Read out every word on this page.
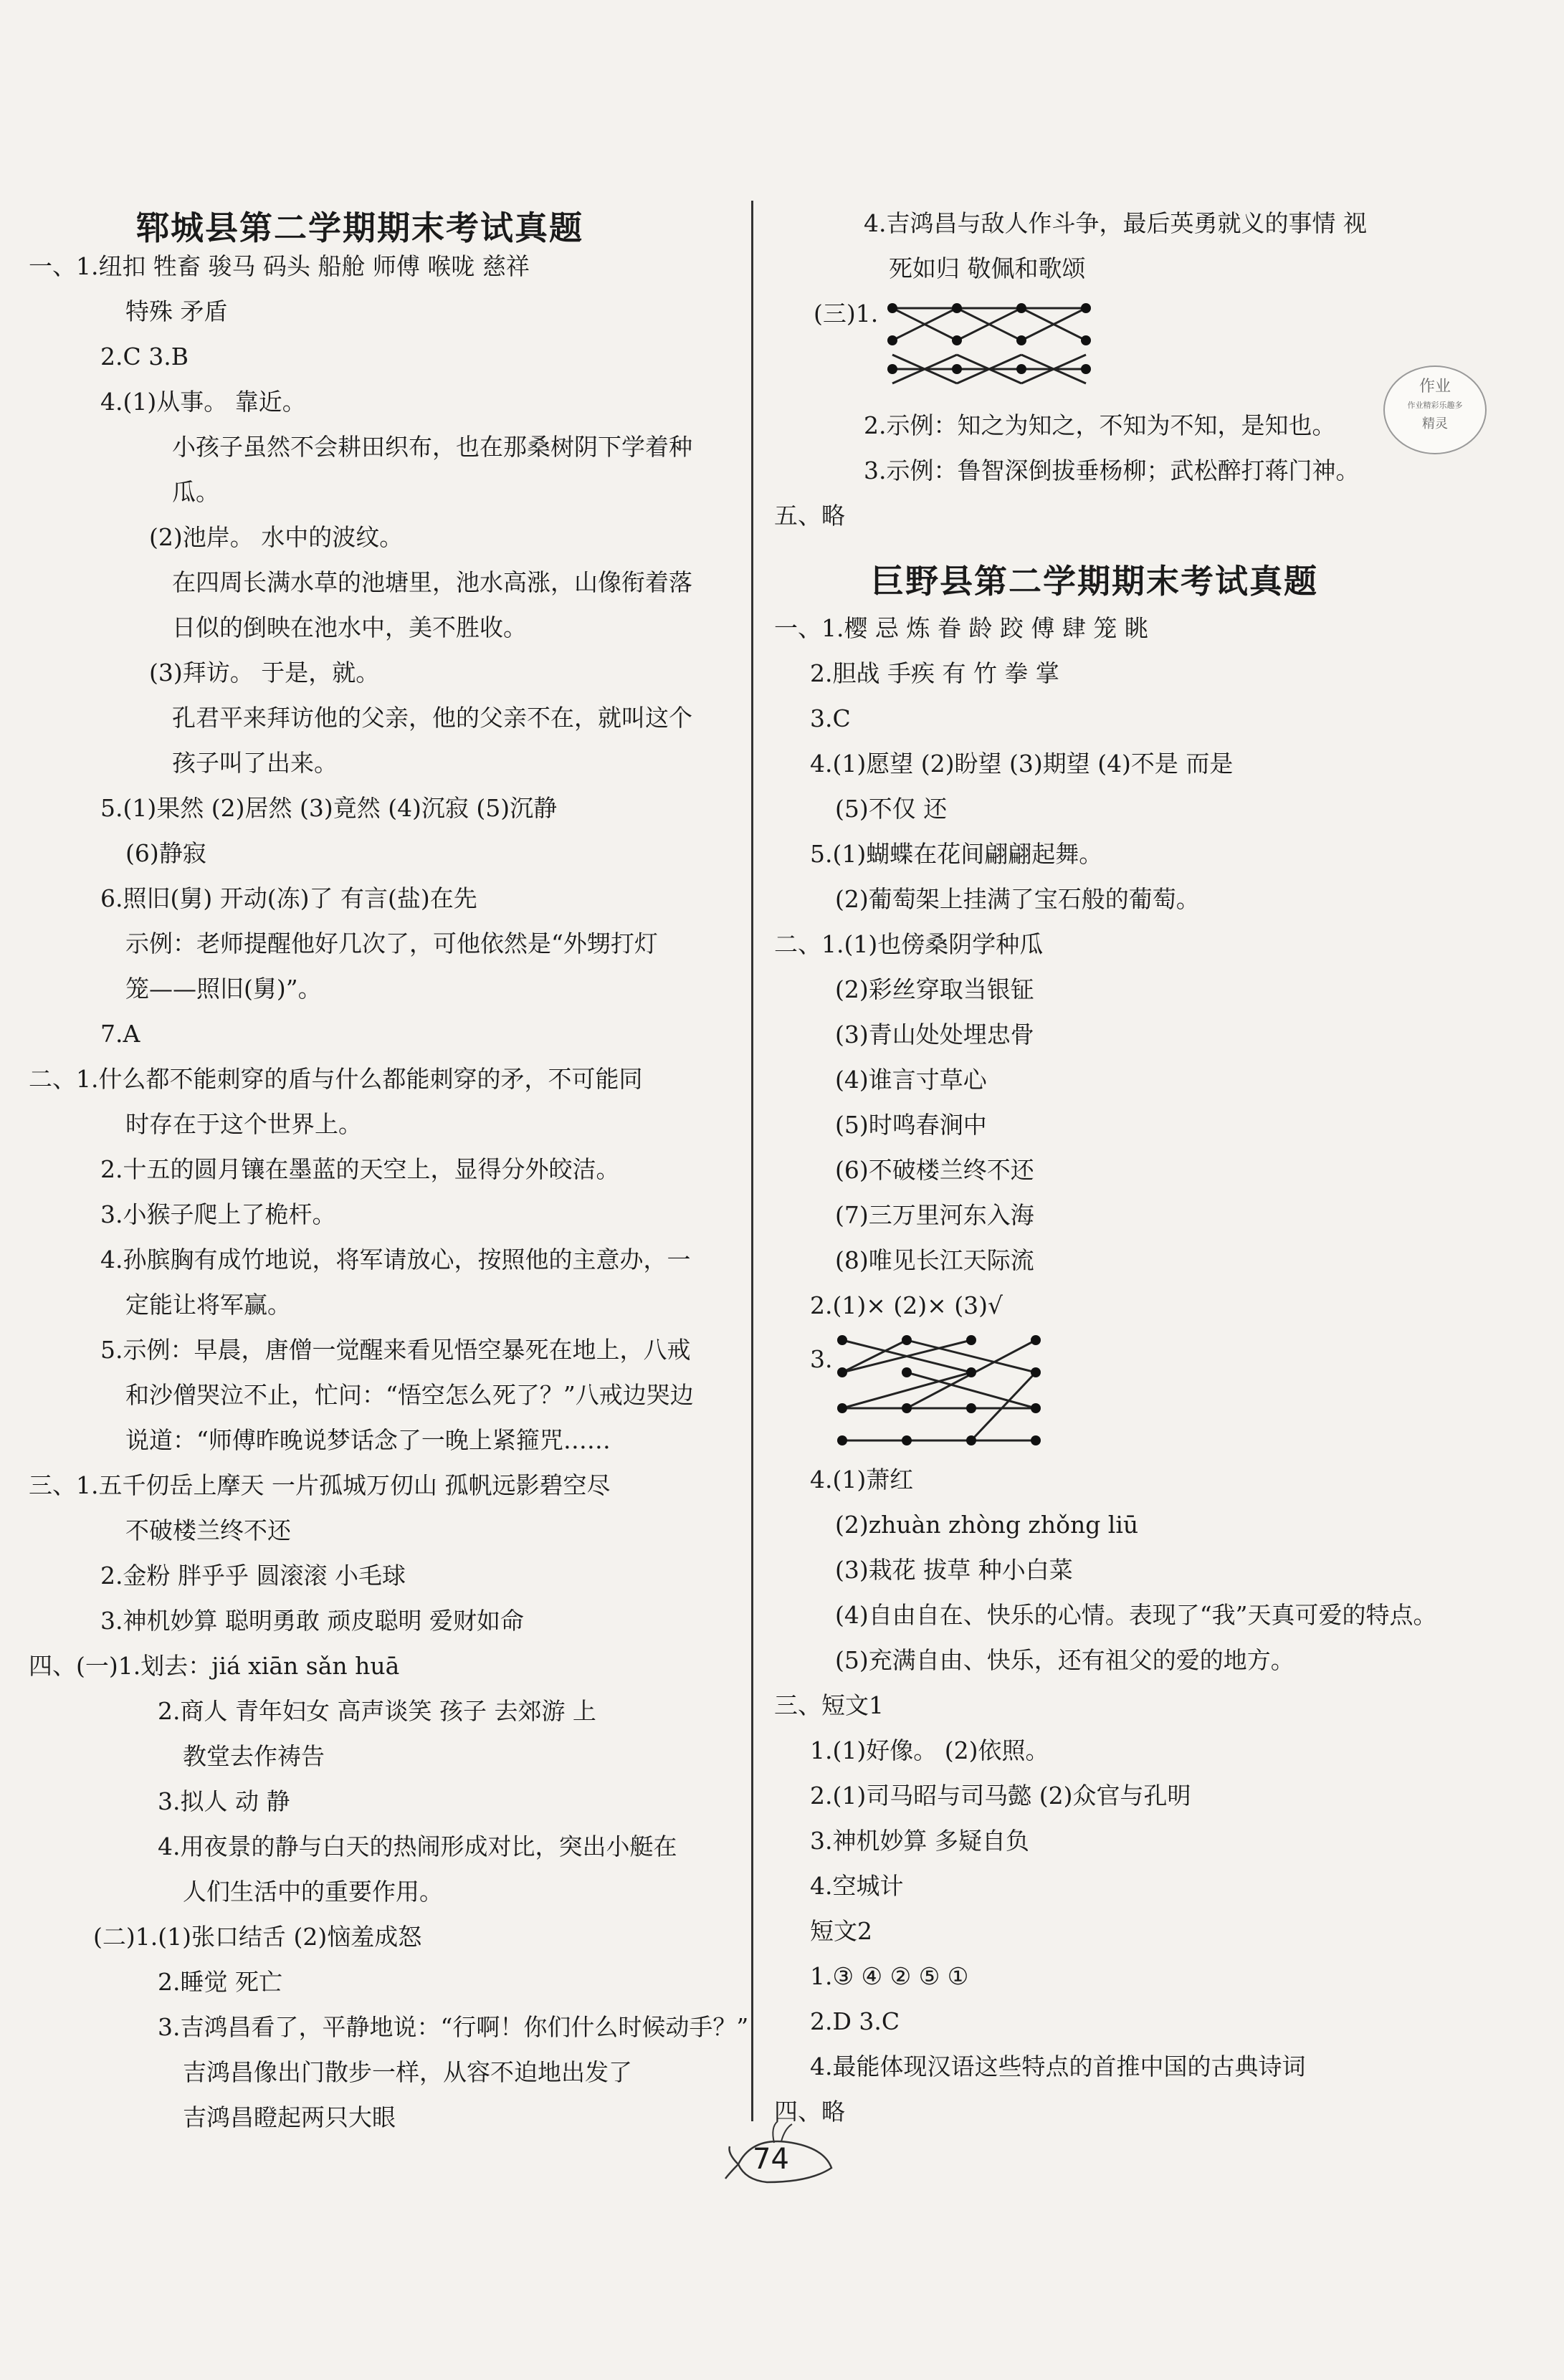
郓城县第二学期期末考试真题
一、1.纽扣 牲畜 骏马 码头 船舱 师傅 喉咙 慈祥
特殊 矛盾
2.C 3.B
4.(1)从事。 靠近。
小孩子虽然不会耕田织布，也在那桑树阴下学着种
瓜。
(2)池岸。 水中的波纹。
在四周长满水草的池塘里，池水高涨，山像衔着落
日似的倒映在池水中，美不胜收。
(3)拜访。 于是，就。
孔君平来拜访他的父亲，他的父亲不在，就叫这个
孩子叫了出来。
5.(1)果然 (2)居然 (3)竟然 (4)沉寂 (5)沉静
(6)静寂
6.照旧(舅) 开动(冻)了 有言(盐)在先
示例：老师提醒他好几次了，可他依然是“外甥打灯
笼——照旧(舅)”。
7.A
二、1.什么都不能刺穿的盾与什么都能刺穿的矛，不可能同
时存在于这个世界上。
2.十五的圆月镶在墨蓝的天空上，显得分外皎洁。
3.小猴子爬上了桅杆。
4.孙膑胸有成竹地说，将军请放心，按照他的主意办，一
定能让将军赢。
5.示例：早晨，唐僧一觉醒来看见悟空暴死在地上，八戒
和沙僧哭泣不止，忙问：“悟空怎么死了？”八戒边哭边
说道：“师傅昨晚说梦话念了一晚上紧箍咒……
三、1.五千仞岳上摩天 一片孤城万仞山 孤帆远影碧空尽
不破楼兰终不还
2.金粉 胖乎乎 圆滚滚 小毛球
3.神机妙算 聪明勇敢 顽皮聪明 爱财如命
四、(一)1.划去：jiá xiān sǎn huā
2.商人 青年妇女 高声谈笑 孩子 去郊游 上
教堂去作祷告
3.拟人 动 静
4.用夜景的静与白天的热闹形成对比，突出小艇在
人们生活中的重要作用。
(二)1.(1)张口结舌 (2)恼羞成怒
2.睡觉 死亡
3.吉鸿昌看了，平静地说：“行啊！你们什么时候动手？”
吉鸿昌像出门散步一样，从容不迫地出发了
吉鸿昌瞪起两只大眼
4.吉鸿昌与敌人作斗争，最后英勇就义的事情 视
死如归 敬佩和歌颂
(三)1.
2.示例：知之为知之，不知为不知，是知也。
3.示例：鲁智深倒拔垂杨柳；武松醉打蒋门神。
五、略
巨野县第二学期期末考试真题
一、1.樱 忌 炼 眷 龄 跤 傅 肆 笼 眺
2.胆战 手疾 有 竹 拳 掌
3.C
4.(1)愿望 (2)盼望 (3)期望 (4)不是 而是
(5)不仅 还
5.(1)蝴蝶在花间翩翩起舞。
(2)葡萄架上挂满了宝石般的葡萄。
二、1.(1)也傍桑阴学种瓜
(2)彩丝穿取当银钲
(3)青山处处埋忠骨
(4)谁言寸草心
(5)时鸣春涧中
(6)不破楼兰终不还
(7)三万里河东入海
(8)唯见长江天际流
2.(1)× (2)× (3)√
3.
4.(1)萧红
(2)zhuàn zhòng zhǒng liū
(3)栽花 拔草 种小白菜
(4)自由自在、快乐的心情。表现了“我”天真可爱的特点。
(5)充满自由、快乐，还有祖父的爱的地方。
三、短文1
1.(1)好像。 (2)依照。
2.(1)司马昭与司马懿 (2)众官与孔明
3.神机妙算 多疑自负
4.空城计
短文2
1.③ ④ ② ⑤ ①
2.D 3.C
4.最能体现汉语这些特点的首推中国的古典诗词
四、略
作业
作业精彩乐趣多
精灵
74
